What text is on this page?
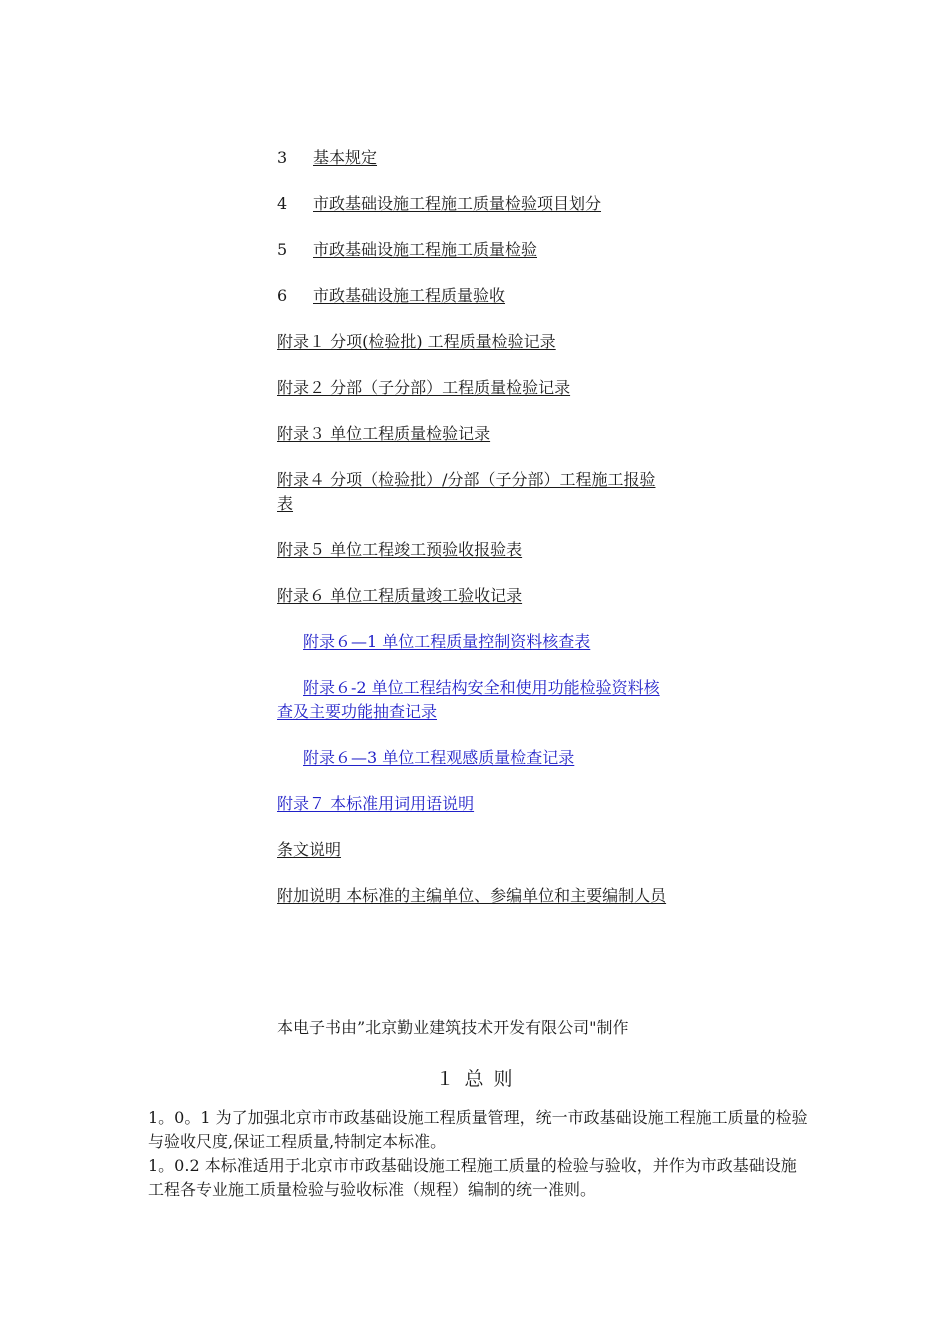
3 基本规定
4 市政基础设施工程施工质量检验项目划分
5 市政基础设施工程施工质量检验
6 市政基础设施工程质量验收
附录１ 分项(检验批) 工程质量检验记录
附录２ 分部（子分部）工程质量检验记录
附录３ 单位工程质量检验记录
附录４ 分项（检验批）/分部（子分部）工程施工报验表
附录５ 单位工程竣工预验收报验表
附录６ 单位工程质量竣工验收记录
附录６—1 单位工程质量控制资料核查表
附录６-2 单位工程结构安全和使用功能检验资料核查及主要功能抽查记录
附录６—3 单位工程观感质量检查记录
附录７ 本标准用词用语说明
条文说明
附加说明 本标准的主编单位、参编单位和主要编制人员
本电子书由”北京勤业建筑技术开发有限公司"制作
１ 总 则

1。0。1 为了加强北京市市政基础设施工程质量管理，统一市政基础设施工程施工质量的检验与验收尺度,保证工程质量,特制定本标准。

1。0.2 本标准适用于北京市市政基础设施工程施工质量的检验与验收，并作为市政基础设施工程各专业施工质量检验与验收标准（规程）编制的统一准则。
